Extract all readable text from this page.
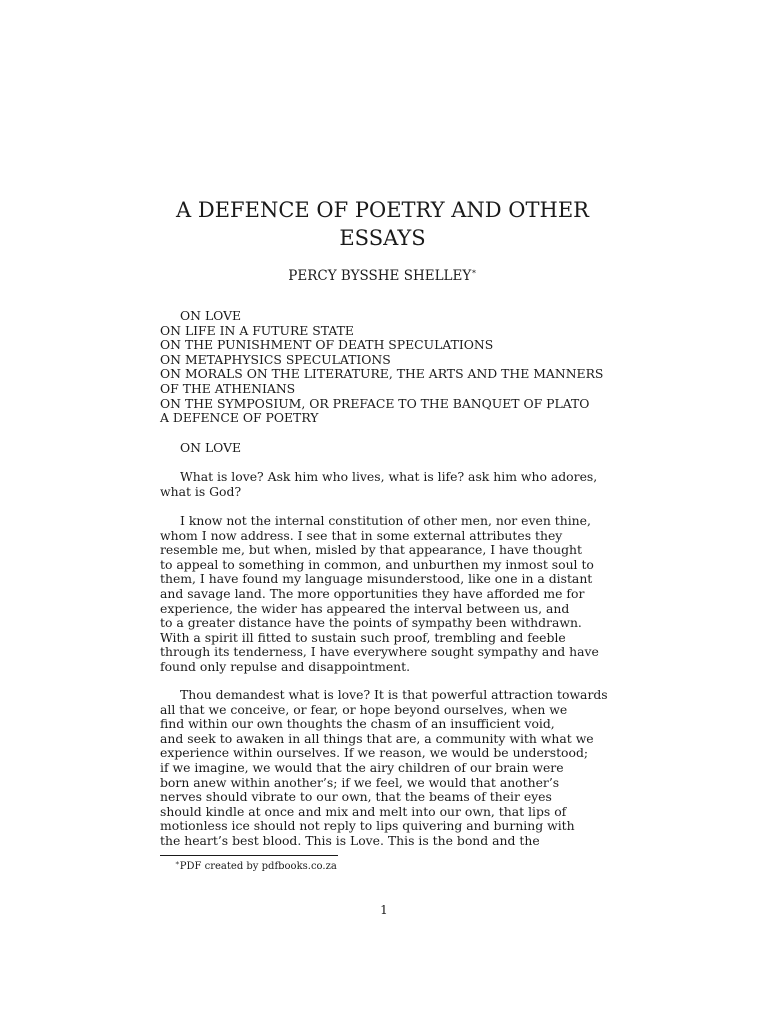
A DEFENCE OF POETRY AND OTHER
ESSAYS
PERCY BYSSHE SHELLEY∗
ON LOVE
ON LIFE IN A FUTURE STATE
ON THE PUNISHMENT OF DEATH SPECULATIONS
ON METAPHYSICS SPECULATIONS
ON MORALS ON THE LITERATURE, THE ARTS AND THE MANNERS
OF THE ATHENIANS
ON THE SYMPOSIUM, OR PREFACE TO THE BANQUET OF PLATO
A DEFENCE OF POETRY
ON LOVE
What is love? Ask him who lives, what is life? ask him who adores,
what is God?
I know not the internal constitution of other men, nor even thine,
whom I now address. I see that in some external attributes they
resemble me, but when, misled by that appearance, I have thought
to appeal to something in common, and unburthen my inmost soul to
them, I have found my language misunderstood, like one in a distant
and savage land. The more opportunities they have afforded me for
experience, the wider has appeared the interval between us, and
to a greater distance have the points of sympathy been withdrawn.
With a spirit ill fitted to sustain such proof, trembling and feeble
through its tenderness, I have everywhere sought sympathy and have
found only repulse and disappointment.
Thou demandest what is love? It is that powerful attraction towards
all that we conceive, or fear, or hope beyond ourselves, when we
find within our own thoughts the chasm of an insufficient void,
and seek to awaken in all things that are, a community with what we
experience within ourselves. If we reason, we would be understood;
if we imagine, we would that the airy children of our brain were
born anew within another’s; if we feel, we would that another’s
nerves should vibrate to our own, that the beams of their eyes
should kindle at once and mix and melt into our own, that lips of
motionless ice should not reply to lips quivering and burning with
the heart’s best blood. This is Love. This is the bond and the
∗PDF created by pdfbooks.co.za
1
